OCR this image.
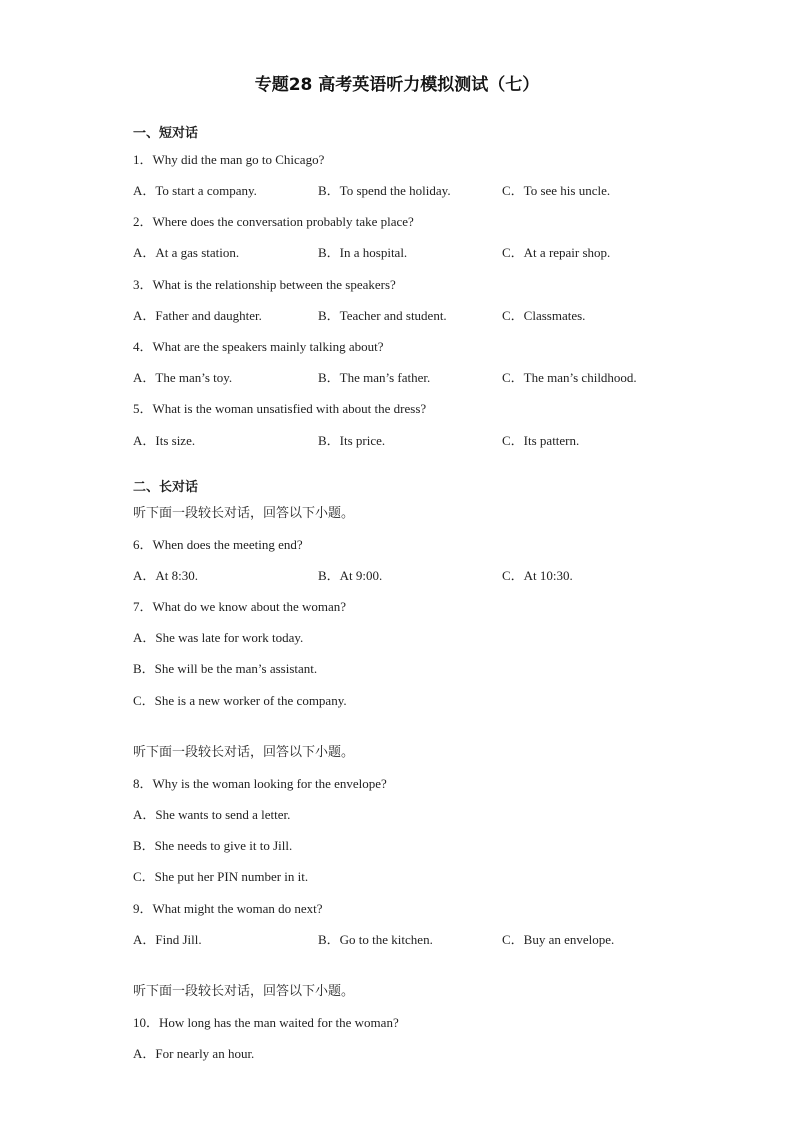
专题28 高考英语听力模拟测试（七）
一、短对话
1．Why did the man go to Chicago?
A．To start a company.	B．To spend the holiday.	C．To see his uncle.
2．Where does the conversation probably take place?
A．At a gas station.	B．In a hospital.	C．At a repair shop.
3．What is the relationship between the speakers?
A．Father and daughter.	B．Teacher and student.	C．Classmates.
4．What are the speakers mainly talking about?
A．The man’s toy.	B．The man’s father.	C．The man’s childhood.
5．What is the woman unsatisfied with about the dress?
A．Its size.	B．Its price.	C．Its pattern.
二、长对话
听下面一段较长对话，回答以下小题。
6．When does the meeting end?
A．At 8:30.	B．At 9:00.	C．At 10:30.
7．What do we know about the woman?
A．She was late for work today.
B．She will be the man’s assistant.
C．She is a new worker of the company.
听下面一段较长对话，回答以下小题。
8．Why is the woman looking for the envelope?
A．She wants to send a letter.
B．She needs to give it to Jill.
C．She put her PIN number in it.
9．What might the woman do next?
A．Find Jill.	B．Go to the kitchen.	C．Buy an envelope.
听下面一段较长对话，回答以下小题。
10．How long has the man waited for the woman?
A．For nearly an hour.
